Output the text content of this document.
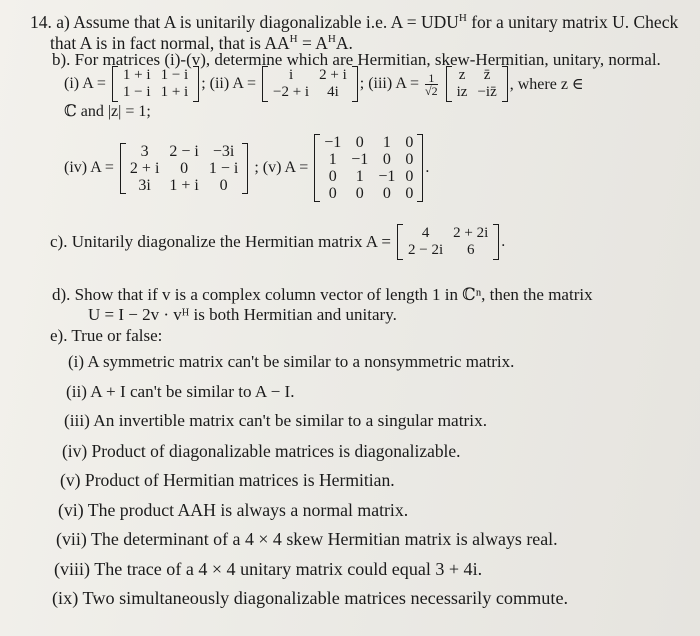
14. a) Assume that A is unitarily diagonalizable i.e. $A = UDU^H$ for a unitary matrix U. Check
that A is in fact normal, that is $AA^H = A^HA$.
b). For matrices (i)-(v), determine which are Hermitian, skew-Hermitian, unitary, normal.
(i) A = 1 + i	1 − i
1 − i	1 + i ; (ii) A = i	2 + i
−2 + i	4i ; (iii) $A = \frac{1}{√2}$ z	z̄
iz	−iz̄ , where z ∈
ℂ and |z| = 1;
(iv) A =
3	2 − i	−3i
2 + i	0	1 − i
3i	1 + i	0
; (v) A =
−1	0	1	0
1	−1	0	0
0	1	−1	0
0	0	0	0
.
c). Unitarily diagonalize the Hermitian matrix A = 4	2 + 2i
2 − 2i	6 .
d). Show that if v is a complex column vector of length 1 in ℂⁿ, then the matrix
U = I − 2v · vᴴ is both Hermitian and unitary.
e). True or false:
(i) A symmetric matrix can't be similar to a nonsymmetric matrix.
(ii) A + I can't be similar to A − I.
(iii) An invertible matrix can't be similar to a singular matrix.
(iv) Product of diagonalizable matrices is diagonalizable.
(v) Product of Hermitian matrices is Hermitian.
(vi) The product AAH is always a normal matrix.
(vii) The determinant of a 4 × 4 skew Hermitian matrix is always real.
(viii) The trace of a 4 × 4 unitary matrix could equal 3 + 4i.
(ix) Two simultaneously diagonalizable matrices necessarily commute.
